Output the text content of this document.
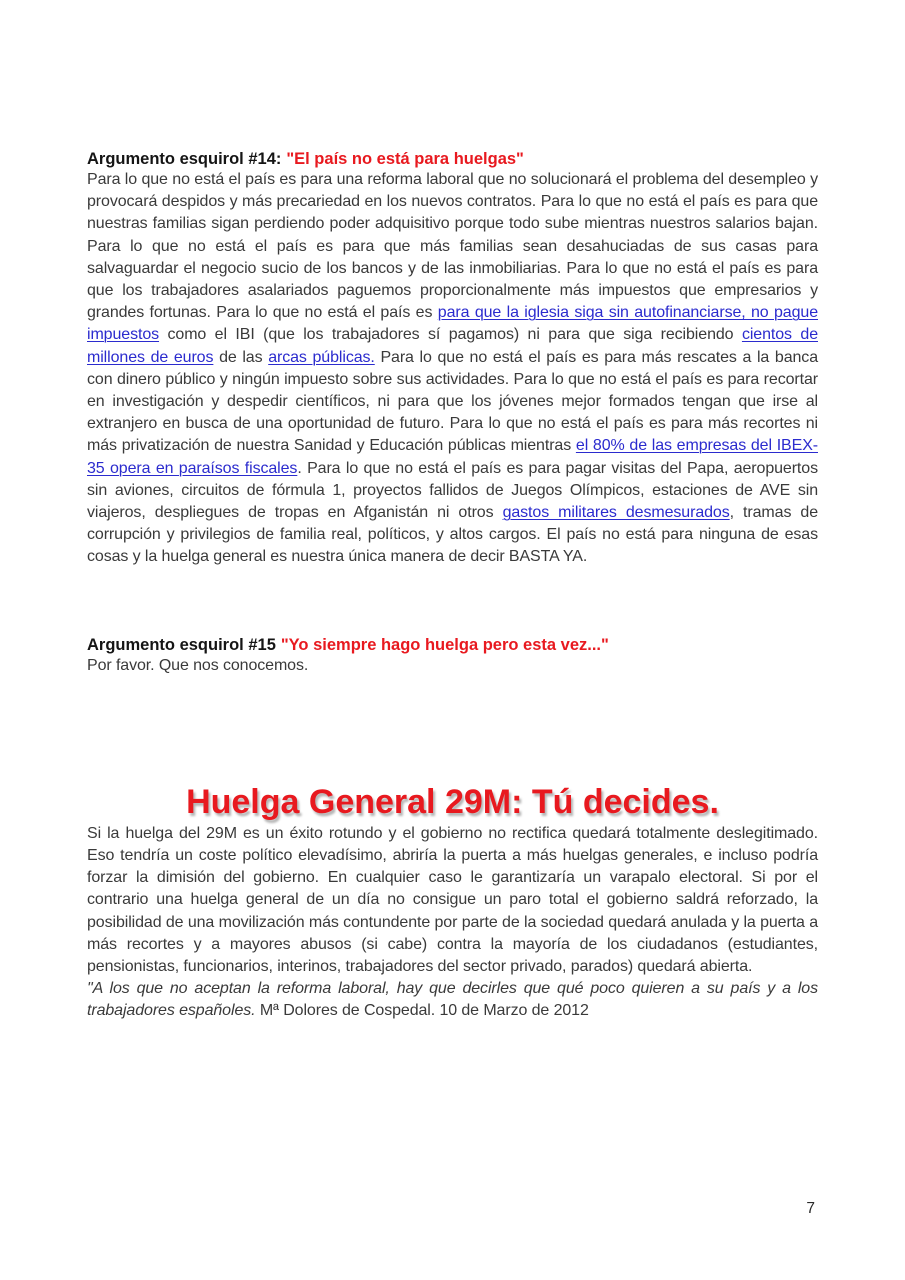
Argumento esquirol #14: "El país no está para huelgas"

Para lo que no está el país es para una reforma laboral que no solucionará el problema del desempleo y provocará despidos y más precariedad en los nuevos contratos. Para lo que no está el país es para que nuestras familias sigan perdiendo poder adquisitivo porque todo sube mientras nuestros salarios bajan. Para lo que no está el país es para que más familias sean desahuciadas de sus casas para salvaguardar el negocio sucio de los bancos y de las inmobiliarias. Para lo que no está el país es para que los trabajadores asalariados paguemos proporcionalmente más impuestos que empresarios y grandes fortunas. Para lo que no está el país es para que la iglesia siga sin autofinanciarse, no pague impuestos como el IBI (que los trabajadores sí pagamos) ni para que siga recibiendo cientos de millones de euros de las arcas públicas. Para lo que no está el país es para más rescates a la banca con dinero público y ningún impuesto sobre sus actividades. Para lo que no está el país es para recortar en investigación y despedir científicos, ni para que los jóvenes mejor formados tengan que irse al extranjero en busca de una oportunidad de futuro. Para lo que no está el país es para más recortes ni más privatización de nuestra Sanidad y Educación públicas mientras el 80% de las empresas del IBEX-35 opera en paraísos fiscales. Para lo que no está el país es para pagar visitas del Papa, aeropuertos sin aviones, circuitos de fórmula 1, proyectos fallidos de Juegos Olímpicos, estaciones de AVE sin viajeros, despliegues de tropas en Afganistán ni otros gastos militares desmesurados, tramas de corrupción y privilegios de familia real, políticos, y altos cargos. El país no está para ninguna de esas cosas y la huelga general es nuestra única manera de decir BASTA YA.

Argumento esquirol #15 "Yo siempre hago huelga pero esta vez..."

Por favor. Que nos conocemos.

Huelga General 29M: Tú decides.

Si la huelga del 29M es un éxito rotundo y el gobierno no rectifica quedará totalmente deslegitimado. Eso tendría un coste político elevadísimo, abriría la puerta a más huelgas generales, e incluso podría forzar la dimisión del gobierno. En cualquier caso le garantizaría un varapalo electoral. Si por el contrario una huelga general de un día no consigue un paro total el gobierno saldrá reforzado, la posibilidad de una movilización más contundente por parte de la sociedad quedará anulada y la puerta a más recortes y a mayores abusos (si cabe) contra la mayoría de los ciudadanos (estudiantes, pensionistas, funcionarios, interinos, trabajadores del sector privado, parados) quedará abierta.

"A los que no aceptan la reforma laboral, hay que decirles que qué poco quieren a su país y a los trabajadores españoles. Mª Dolores de Cospedal. 10 de Marzo de 2012

7
